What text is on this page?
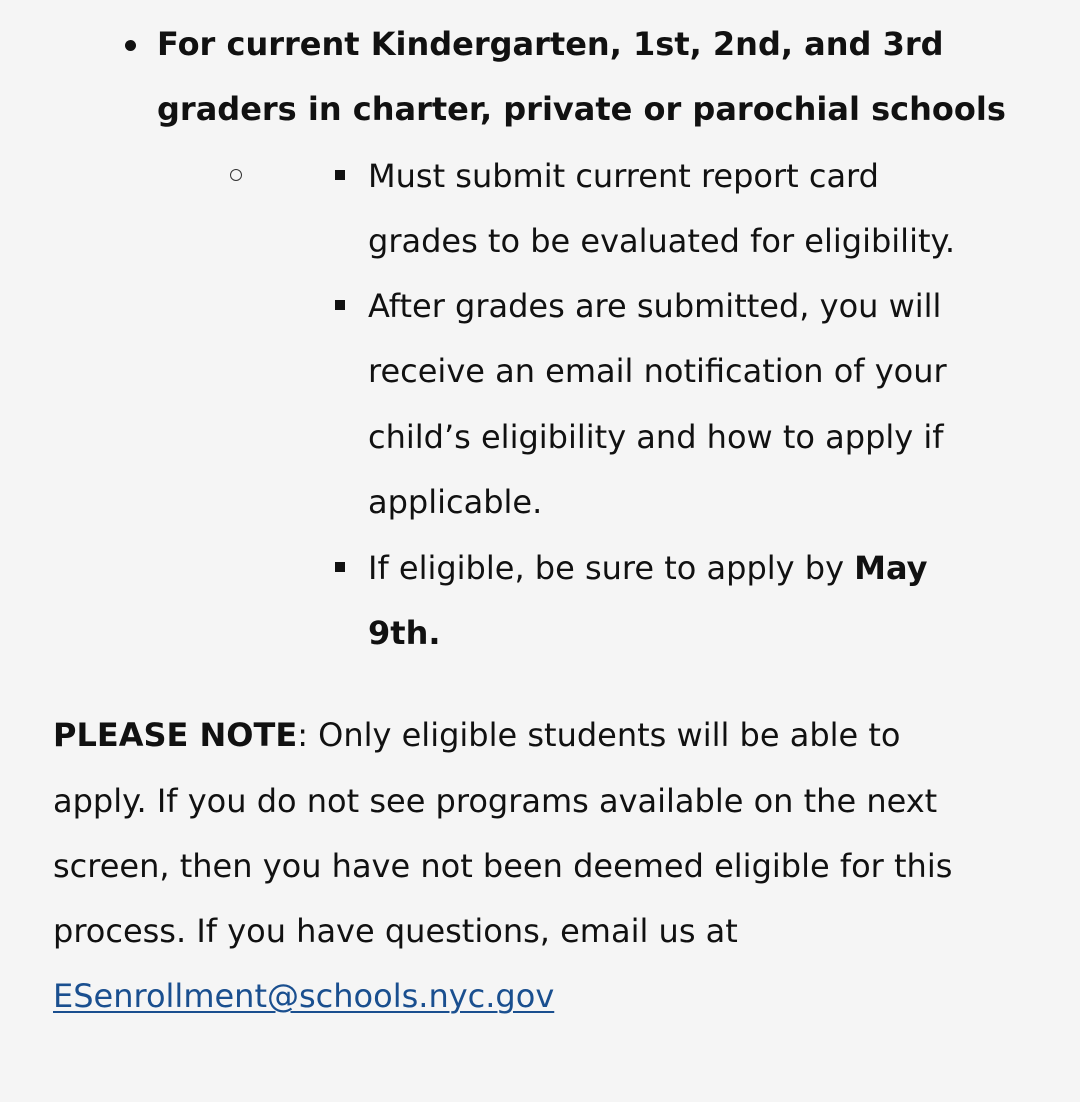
For current Kindergarten, 1st, 2nd, and 3rd
graders in charter, private or parochial schools
Must submit current report card
grades to be evaluated for eligibility.
After grades are submitted, you will
receive an email notification of your
child’s eligibility and how to apply if
applicable.
If eligible, be sure to apply by May
9th.
PLEASE NOTE: Only eligible students will be able to
apply. If you do not see programs available on the next
screen, then you have not been deemed eligible for this
process. If you have questions, email us at
ESenrollment@schools.nyc.gov
